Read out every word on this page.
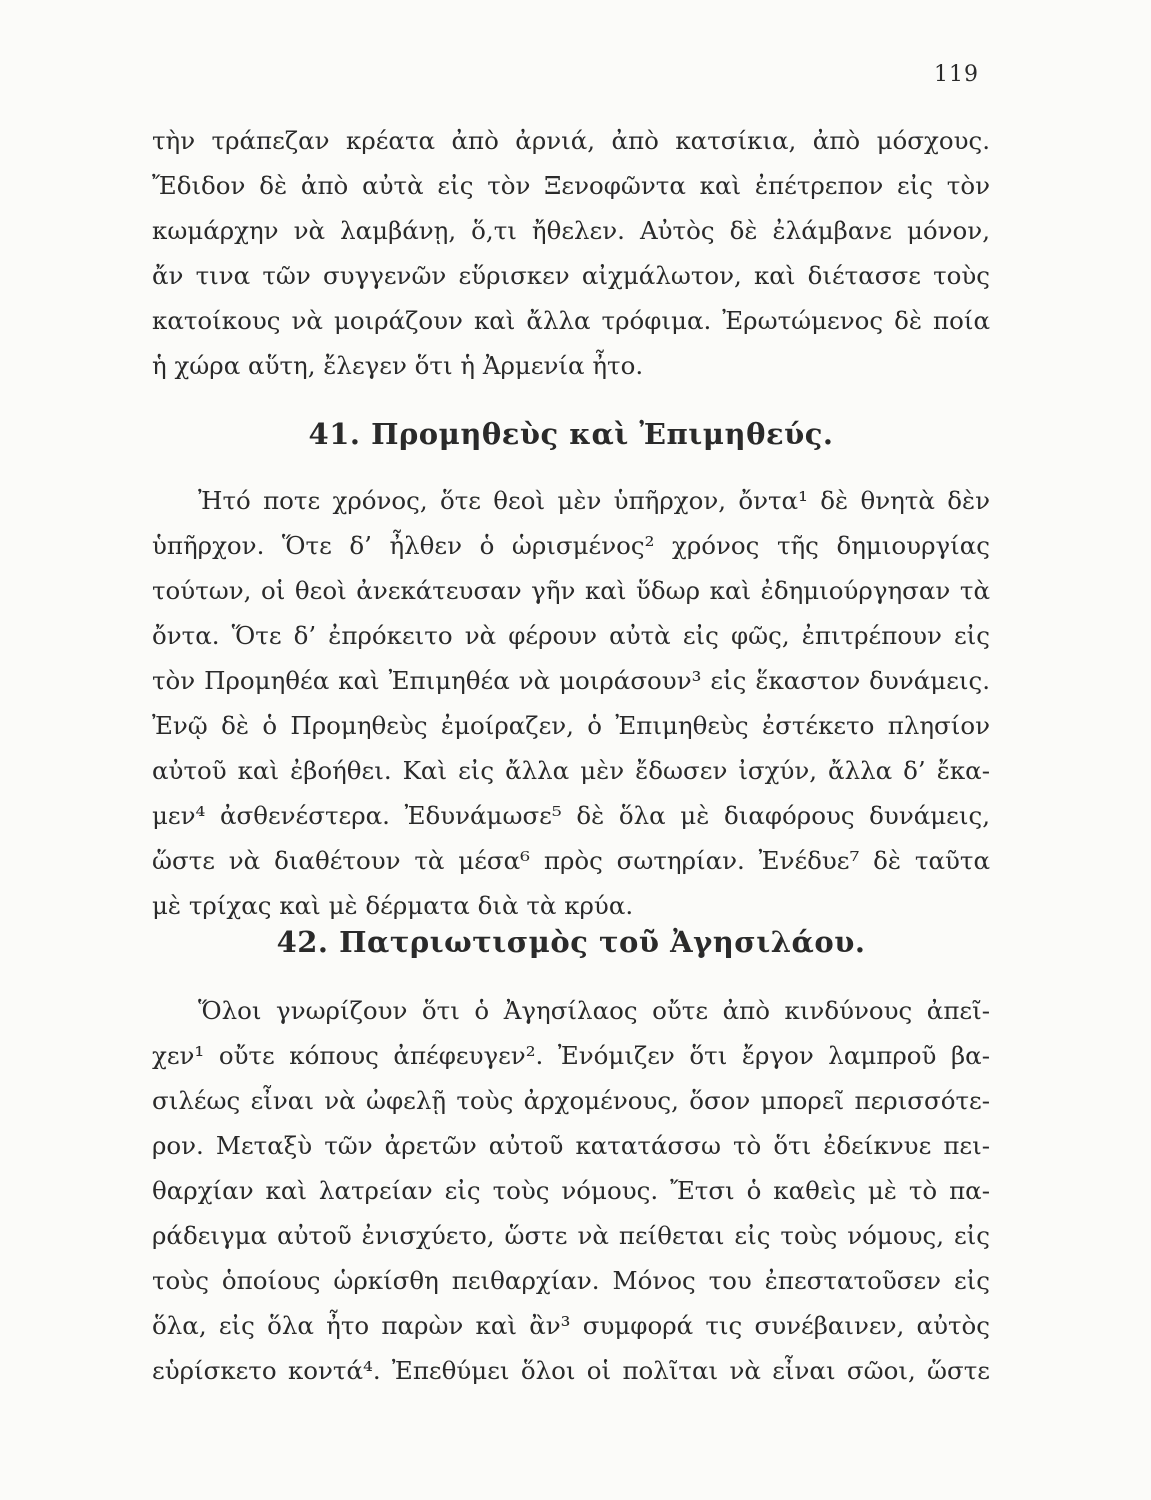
119
τὴν τράπεζαν κρέατα ἀπὸ ἀρνιά, ἀπὸ κατσίκια, ἀπὸ μόσχους.
Ἔδιδον δὲ ἀπὸ αὐτὰ εἰς τὸν Ξενοφῶντα καὶ ἐπέτρεπον εἰς τὸν
κωμάρχην νὰ λαμβάνῃ, ὅ,τι ἤθελεν. Αὐτὸς δὲ ἐλάμβανε μόνον,
ἄν τινα τῶν συγγενῶν εὕρισκεν αἰχμάλωτον, καὶ διέτασσε τοὺς
κατοίκους νὰ μοιράζουν καὶ ἄλλα τρόφιμα. Ἐρωτώμενος δὲ ποία
ἡ χώρα αὕτη, ἔλεγεν ὅτι ἡ Ἀρμενία ἦτο.
41. Προμηθεὺς καὶ Ἐπιμηθεύς.
Ἠτό ποτε χρόνος, ὅτε θεοὶ μὲν ὑπῆρχον, ὄντα¹ δὲ θνητὰ δὲν
ὑπῆρχον. Ὅτε δ’ ἦλθεν ὁ ὡρισμένος² χρόνος τῆς δημιουργίας
τούτων, οἱ θεοὶ ἀνεκάτευσαν γῆν καὶ ὕδωρ καὶ ἐδημιούργησαν τὰ
ὄντα. Ὅτε δ’ ἐπρόκειτο νὰ φέρουν αὐτὰ εἰς φῶς, ἐπιτρέπουν εἰς
τὸν Προμηθέα καὶ Ἐπιμηθέα νὰ μοιράσουν³ εἰς ἕκαστον δυνάμεις.
Ἐνῷ δὲ ὁ Προμηθεὺς ἐμοίραζεν, ὁ Ἐπιμηθεὺς ἐστέκετο πλησίον
αὐτοῦ καὶ ἐβοήθει. Καὶ εἰς ἄλλα μὲν ἔδωσεν ἰσχύν, ἄλλα δ’ ἔκα-
μεν⁴ ἀσθενέστερα. Ἐδυνάμωσε⁵ δὲ ὅλα μὲ διαφόρους δυνάμεις,
ὥστε νὰ διαθέτουν τὰ μέσα⁶ πρὸς σωτηρίαν. Ἐνέδυε⁷ δὲ ταῦτα
μὲ τρίχας καὶ μὲ δέρματα διὰ τὰ κρύα.
42. Πατριωτισμὸς τοῦ Ἀγησιλάου.
Ὅλοι γνωρίζουν ὅτι ὁ Ἀγησίλαος οὔτε ἀπὸ κινδύνους ἀπεῖ-
χεν¹ οὔτε κόπους ἀπέφευγεν². Ἐνόμιζεν ὅτι ἔργον λαμπροῦ βα-
σιλέως εἶναι νὰ ὠφελῇ τοὺς ἀρχομένους, ὅσον μπορεῖ περισσότε-
ρον. Μεταξὺ τῶν ἀρετῶν αὐτοῦ κατατάσσω τὸ ὅτι ἐδείκνυε πει-
θαρχίαν καὶ λατρείαν εἰς τοὺς νόμους. Ἔτσι ὁ καθεὶς μὲ τὸ πα-
ράδειγμα αὐτοῦ ἐνισχύετο, ὥστε νὰ πείθεται εἰς τοὺς νόμους, εἰς
τοὺς ὁποίους ὡρκίσθη πειθαρχίαν. Μόνος του ἐπεστατοῦσεν εἰς
ὅλα, εἰς ὅλα ἦτο παρὼν καὶ ἂν³ συμφορά τις συνέβαινεν, αὐτὸς
εὑρίσκετο κοντά⁴. Ἐπεθύμει ὅλοι οἱ πολῖται νὰ εἶναι σῶοι, ὥστε
